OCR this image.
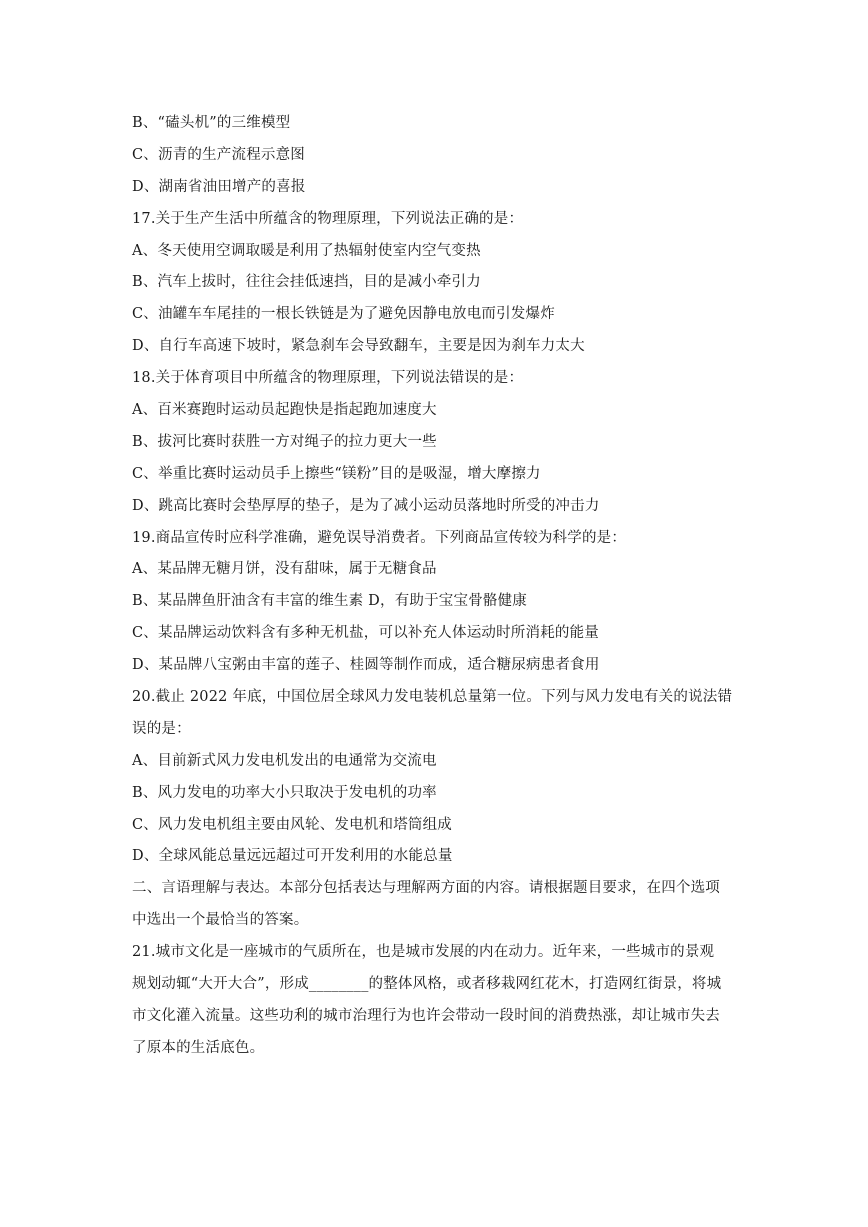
B、“磕头机”的三维模型
C、沥青的生产流程示意图
D、湖南省油田增产的喜报
17.关于生产生活中所蕴含的物理原理，下列说法正确的是：
A、冬天使用空调取暖是利用了热辐射使室内空气变热
B、汽车上拔时，往往会挂低速挡，目的是减小牵引力
C、油罐车车尾挂的一根长铁链是为了避免因静电放电而引发爆炸
D、自行车高速下坡时，紧急刹车会导致翻车，主要是因为刹车力太大
18.关于体育项目中所蕴含的物理原理，下列说法错误的是：
A、百米赛跑时运动员起跑快是指起跑加速度大
B、拔河比赛时获胜一方对绳子的拉力更大一些
C、举重比赛时运动员手上擦些“镁粉”目的是吸湿，增大摩擦力
D、跳高比赛时会垫厚厚的垫子，是为了减小运动员落地时所受的冲击力
19.商品宣传时应科学准确，避免误导消费者。下列商品宣传较为科学的是：
A、某品牌无糖月饼，没有甜味，属于无糖食品
B、某品牌鱼肝油含有丰富的维生素 D，有助于宝宝骨骼健康
C、某品牌运动饮料含有多种无机盐，可以补充人体运动时所消耗的能量
D、某品牌八宝粥由丰富的莲子、桂圆等制作而成，适合糖尿病患者食用
20.截止 2022 年底，中国位居全球风力发电装机总量第一位。下列与风力发电有关的说法错
误的是：
A、目前新式风力发电机发出的电通常为交流电
B、风力发电的功率大小只取决于发电机的功率
C、风力发电机组主要由风轮、发电机和塔筒组成
D、全球风能总量远远超过可开发利用的水能总量
二、言语理解与表达。本部分包括表达与理解两方面的内容。请根据题目要求，在四个选项
中选出一个最恰当的答案。
21.城市文化是一座城市的气质所在，也是城市发展的内在动力。近年来，一些城市的景观
规划动辄“大开大合”，形成________的整体风格，或者移栽网红花木，打造网红街景，将城
市文化灌入流量。这些功利的城市治理行为也许会带动一段时间的消费热涨，却让城市失去
了原本的生活底色。
